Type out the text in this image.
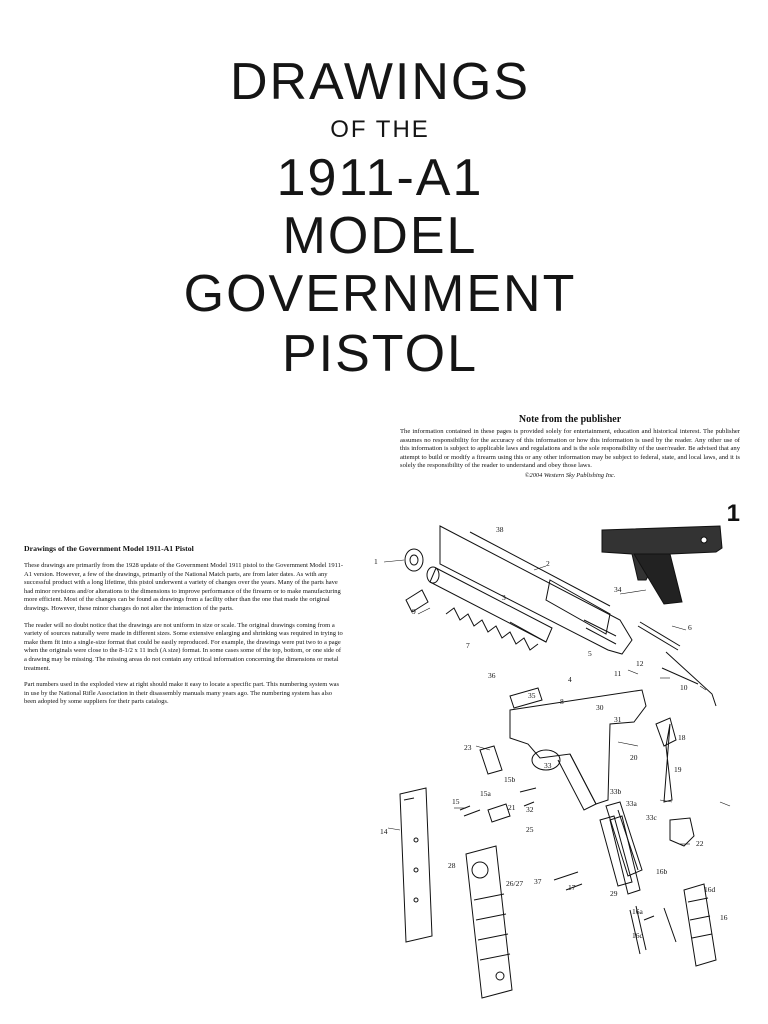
DRAWINGS
OF THE
1911-A1
MODEL
GOVERNMENT
PISTOL
Note from the publisher

The information contained in these pages is provided solely for entertainment, education and historical interest. The publisher assumes no responsibility for the accuracy of this information or how this information is used by the reader. Any other use of this information is subject to applicable laws and regulations and is the sole responsibility of the user/reader. Be advised that any attempt to build or modify a firearm using this or any other information may be subject to federal, state, and local laws, and it is solely the responsibility of the reader to understand and obey those laws.

©2004 Western Sky Publishing Inc.

1
Drawings of the Government Model 1911-A1 Pistol

These drawings are primarily from the 1928 update of the Government Model 1911 pistol to the Government Model 1911-A1 version. However, a few of the drawings, primarily of the National Match parts, are from later dates. As with any successful product with a long lifetime, this pistol underwent a variety of changes over the years. Many of the parts have had minor revisions and/or alterations to the dimensions to improve performance of the firearm or to make manufacturing more efficient. Most of the changes can be found as drawings from a facility other than the one that made the original drawings. However, these minor changes do not alter the interaction of the parts.

The reader will no doubt notice that the drawings are not uniform in size or scale. The original drawings coming from a variety of sources naturally were made in different sizes. Some extensive enlarging and shrinking was required in trying to make them fit into a single-size format that could be easily reproduced. For example, the drawings were put two to a page when the originals were close to the 8-1/2 x 11 inch (A size) format. In some cases some of the top, bottom, or one side of a drawing may be missing. The missing areas do not contain any critical information concerning the dimensions or metal treatment.

Part numbers used in the exploded view at right should make it easy to locate a specific part. This numbering system was in use by the National Rifle Association in their disassembly manuals many years ago. The numbering system has also been adopted by some suppliers for their parts catalogs.

1	2
3
4
5
6
7
8
9
10
11
12
14
15
15a
15b
16
16a
16b
16c
16d
17
18
19
20
21
22
23
25
26/27
28
29
30
31
32
33
33a
33b
33c
34
35
36
37
38
